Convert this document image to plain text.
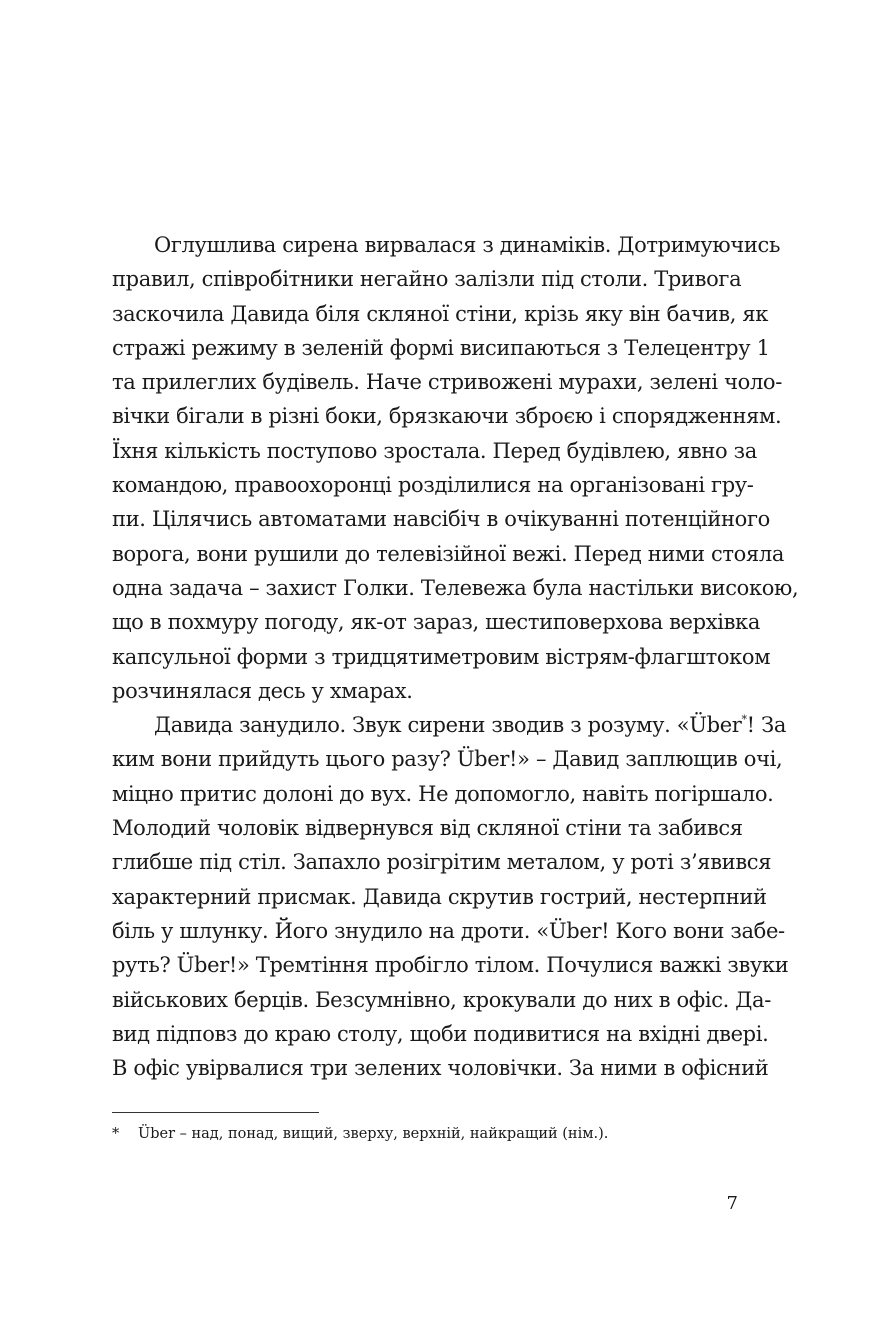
Оглушлива сирена вирвалася з динаміків. Дотримуючись
правил, співробітники негайно залізли під столи. Тривога
заскочила Давида біля скляної стіни, крізь яку він бачив, як
стражі режиму в зеленій формі висипаються з Телецентру 1
та прилеглих будівель. Наче стривожені мурахи, зелені чоло-
вічки бігали в різні боки, брязкаючи зброєю і спорядженням.
Їхня кількість поступово зростала. Перед будівлею, явно за
командою, правоохоронці розділилися на організовані гру-
пи. Цілячись автоматами навсібіч в очікуванні потенційного
ворога, вони рушили до телевізійної вежі. Перед ними стояла
одна задача – захист Голки. Телевежа була настільки високою,
що в похмуру погоду, як-от зараз, шестиповерхова верхівка
капсульної форми з тридцятиметровим вістрям-флагштоком
розчинялася десь у хмарах.
Давида занудило. Звук сирени зводив з розуму. «Über*! За
ким вони прийдуть цього разу? Über!» – Давид заплющив очі,
міцно притис долоні до вух. Не допомогло, навіть погіршало.
Молодий чоловік відвернувся від скляної стіни та забився
глибше під стіл. Запахло розігрітим металом, у роті з’явився
характерний присмак. Давида скрутив гострий, нестерпний
біль у шлунку. Його знудило на дроти. «Über! Кого вони забе-
руть? Über!» Тремтіння пробігло тілом. Почулися важкі звуки
військових берців. Безсумнівно, крокували до них в офіс. Да-
вид підповз до краю столу, щоби подивитися на вхідні двері.
В офіс увірвалися три зелених чоловічки. За ними в офісний
* Über – над, понад, вищий, зверху, верхній, найкращий (нім.).
7
